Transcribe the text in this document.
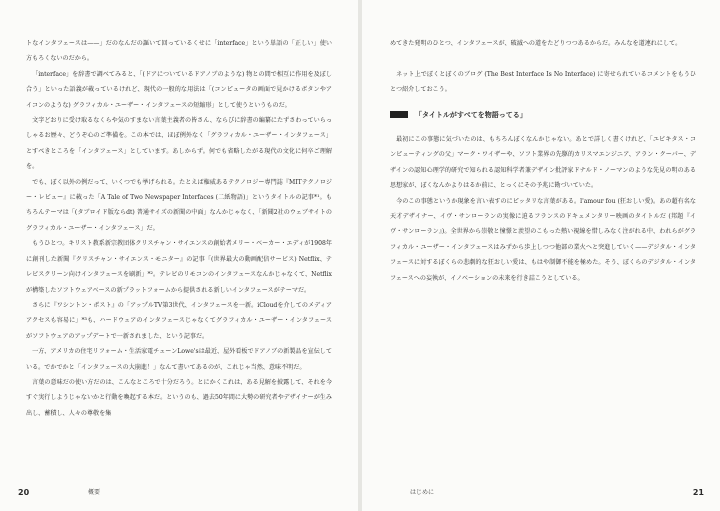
トなインタフェースは——」だのなんだの謳いて回っているくせに「interface」という単語の「正しい」使い方もろくないのだから。

「interface」を辞書で調べてみると、「(ドアについているドアノブのような) 物との間で相互に作用を及ぼし合う」といった語義が載っているけれど、現代の一般的な用法は「(コンピュータの画面で見かけるボタンやアイコンのような) グラフィカル・ユーザー・インタフェースの短縮形」として使うというものだ。

文字どおりに受け取るなくらや気のすまない言葉主義者の皆さん、ならびに辞書の編纂にたずさわっていらっしゃるお歴々、どうぞ心のご準備を。この本では、ほぼ例外なく「グラフィカル・ユーザー・インタフェース」とすべきところを「インタフェース」としています。あしからず。何でも省略したがる現代の文化に何卒ご理解を。

でも、ぼく以外の例だって、いくつでも挙げられる。たとえば権威あるテクノロジー専門誌『MITテクノロジー・レビュー』に載った「A Tale of Two Newspaper Interfaces (二紙物語)」というタイトルの記事*¹。もちろんテーマは「(タブロイド版ならdt) 普通サイズの新聞の中面」なんかじゃなく、「新聞2社のウェブサイトのグラフィカル・ユーザー・インタフェース」だ。

もうひとつ。キリスト教系新宗教団体クリスチャン・サイエンスの創始者メリー・ベーカー・エディが1908年に創刊した新聞『クリスチャン・サイエンス・モニター』の記事「(世界最大の動画配信サービス) Netflix、テレビスクリーン向けインタフェースを刷新」*²。テレビのリモコンのインタフェースなんかじゃなくて、Netflixが構築したソフトウェアベースの新プラットフォームから提供される新しいインタフェースがテーマだ。

さらに『ワシントン・ポスト』の「アップルTV第3世代、インタフェースを一新。iCloudを介してのメディアアクセスも容易に」*³も、ハードウェアのインタフェースじゃなくてグラフィカル・ユーザー・インタフェースがソフトウェアのアップデートで一新されました、という記事だ。

一方、アメリカの住宅リフォーム・生活家電チェーンLowe'sは最近、屋外看板でドアノブの新製品を宣伝している。でかでかと「インタフェースの大崩進！」なんて書いてあるのが、これじゃ当然、意味不明だ。

言葉の意味だの使い方だのは、こんなところで十分だろう。とにかくこれは、ある見解を披露して、それを今すぐ実行しようじゃないかと行動を喚起する本だ。というのも、過去50年間に大勢の研究者やデザイナーが生み出し、蓄積し、人々の尊敬を集

20	概要

めてきた発明のひとつ、インタフェースが、破滅への道をたどりつつあるからだ。みんなを道連れにして。

ネット上でぼくとぼくのブログ (The Best Interface Is No Interface) に寄せられているコメントをもうひとつ紹介しておこう。

「タイトルがすべてを物語ってる」

最初にこの事態に気づいたのは、もちろんぼくなんかじゃない。あとで詳しく書くけれど、「ユビキタス・コンピューティングの父」マーク・ワイザーや、ソフト業界の先駆的カリスマエンジニア、アラン・クーパー、デザインの認知心理学的研究で知られる認知科学者兼デザイン批評家ドナルド・ノーマンのような先見の明のある思想家が、ぼくなんかよりはるか前に、とっくにその予兆に勘づいていた。

今のこの事態というか現象を言い表すのにピッタリな言葉がある。l'amour fou (狂おしい愛)。あの超有名な天才デザイナー、イヴ・サンローランの実像に迫るフランスのドキュメンタリー映画のタイトルだ (邦題『イヴ・サンローラン』)。全世界から崇敬と憧憬と羨望のこもった熱い視線を惜しみなく注がれる中、われらがグラフィカル・ユーザー・インタフェースはみずから歩上しつつ他部の業火へと突進していく——デジタル・インタフェースに対するぼくらの悲劇的な狂おしい愛は、もはや制御不能を極めた。そう、ぼくらのデジタル・インタフェースへの妄執が、イノベーションの未来を行き詰こうとしている。

はじめに	21
